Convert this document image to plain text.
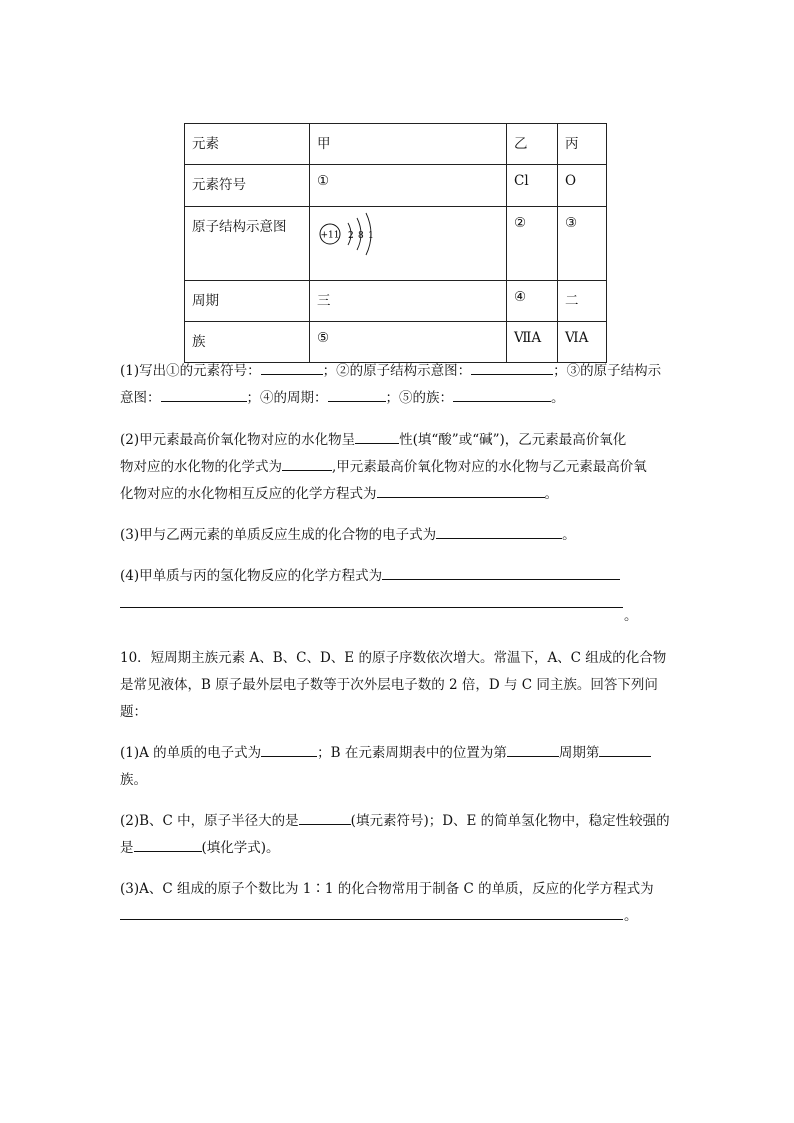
元素	甲	乙	丙
元素符号	①	Cl	O
原子结构示意图	+11 2 8 1	②	③
周期	三	④	二
族	⑤	ⅦA	ⅥA
(1)写出①的元素符号：	；②的原子结构示意图：	；③的原子结构示
意图：	；④的周期：	；⑤的族：	。
(2)甲元素最高价氧化物对应的水化物呈	性(填“酸”或“碱”)，乙元素最高价氧化
物对应的水化物的化学式为	,甲元素最高价氧化物对应的水化物与乙元素最高价氧
化物对应的水化物相互反应的化学方程式为	。
(3)甲与乙两元素的单质反应生成的化合物的电子式为	。
(4)甲单质与丙的氢化物反应的化学方程式为
。
10．短周期主族元素 A、B、C、D、E 的原子序数依次增大。常温下，A、C 组成的化合物
是常见液体，B 原子最外层电子数等于次外层电子数的 2 倍，D 与 C 同主族。回答下列问
题：
(1)A 的单质的电子式为	；B 在元素周期表中的位置为第	周期第
族。
(2)B、C 中，原子半径大的是	(填元素符号)；D、E 的简单氢化物中，稳定性较强的
是	(填化学式)。
(3)A、C 组成的原子个数比为 1∶1 的化合物常用于制备 C 的单质，反应的化学方程式为
。
